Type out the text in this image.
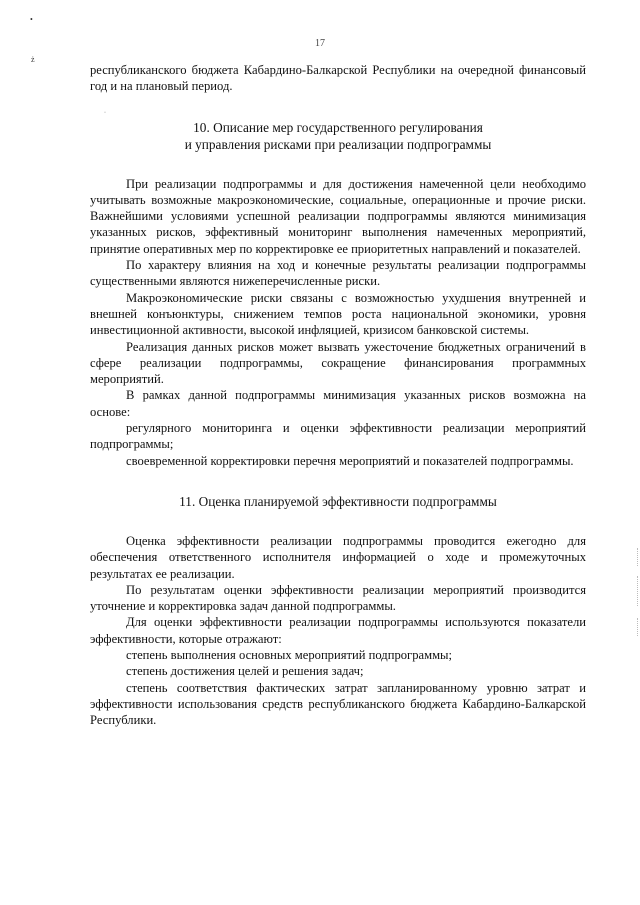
17
•
ż
·

республиканского бюджета Кабардино-Балкарской Республики на очередной финансовый год и на плановый период.

10. Описание мер государственного регулирования
и управления рисками при реализации подпрограммы

При реализации подпрограммы и для достижения намеченной цели необходимо учитывать возможные макроэкономические, социальные, операционные и прочие риски. Важнейшими условиями успешной реализации подпрограммы являются минимизация указанных рисков, эффективный мониторинг выполнения намеченных мероприятий, принятие оперативных мер по корректировке ее приоритетных направлений и показателей.

По характеру влияния на ход и конечные результаты реализации подпрограммы существенными являются нижеперечисленные риски.

Макроэкономические риски связаны с возможностью ухудшения внутренней и внешней конъюнктуры, снижением темпов роста национальной экономики, уровня инвестиционной активности, высокой инфляцией, кризисом банковской системы.

Реализация данных рисков может вызвать ужесточение бюджетных ограничений в сфере реализации подпрограммы, сокращение финансирования программных мероприятий.

В рамках данной подпрограммы минимизация указанных рисков возможна на основе:

регулярного мониторинга и оценки эффективности реализации мероприятий подпрограммы;

своевременной корректировки перечня мероприятий и показателей подпрограммы.

11. Оценка планируемой эффективности подпрограммы

Оценка эффективности реализации подпрограммы проводится ежегодно для обеспечения ответственного исполнителя информацией о ходе и промежуточных результатах ее реализации.

По результатам оценки эффективности реализации мероприятий производится уточнение и корректировка задач данной подпрограммы.

Для оценки эффективности реализации подпрограммы используются показатели эффективности, которые отражают:

степень выполнения основных мероприятий подпрограммы;

степень достижения целей и решения задач;

степень соответствия фактических затрат запланированному уровню затрат и эффективности использования средств республиканского бюджета Кабардино-Балкарской Республики.
